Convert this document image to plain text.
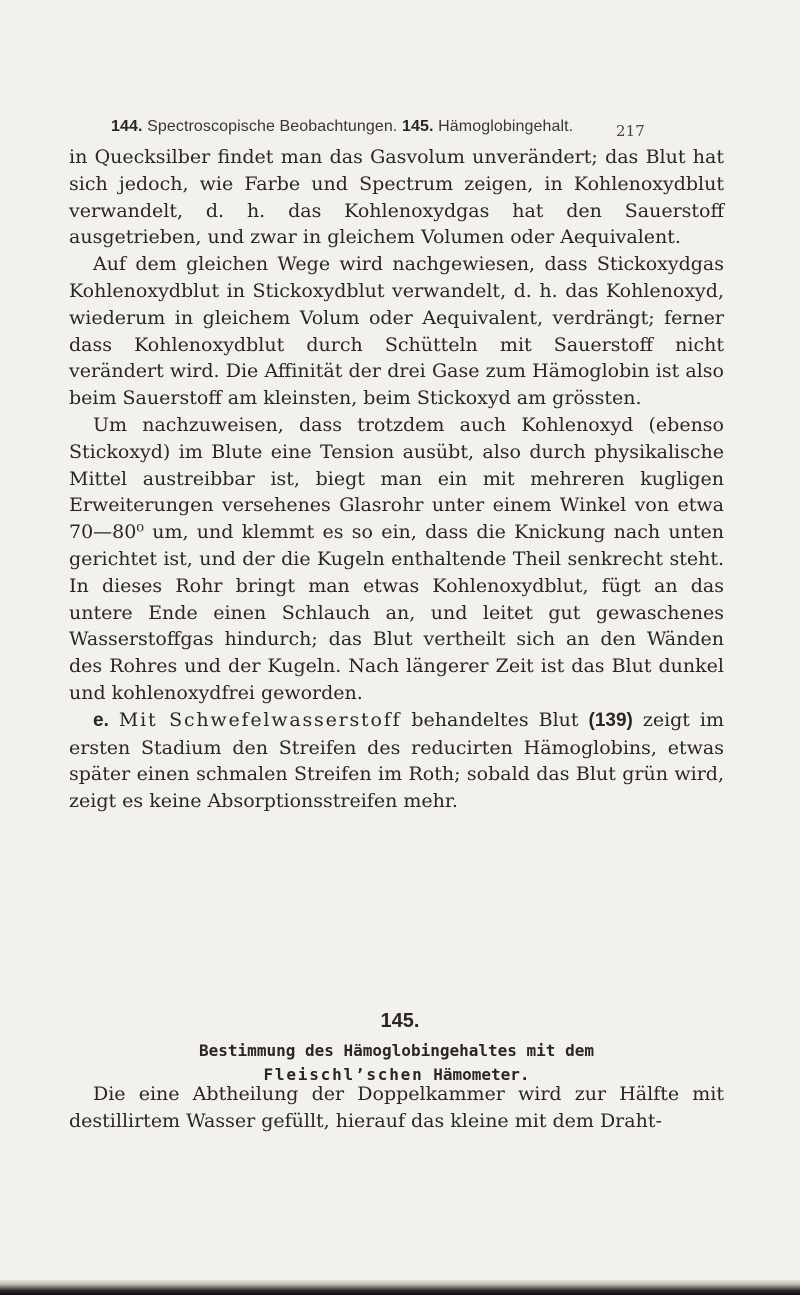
144. Spectroscopische Beobachtungen. 145. Hämoglobingehalt.	217

in Quecksilber findet man das Gasvolum unverändert; das Blut hat sich jedoch, wie Farbe und Spectrum zeigen, in Kohlenoxydblut verwandelt, d. h. das Kohlenoxydgas hat den Sauerstoff ausgetrieben, und zwar in gleichem Volumen oder Aequivalent.

Auf dem gleichen Wege wird nachgewiesen, dass Stickoxydgas Kohlenoxydblut in Stickoxydblut verwandelt, d. h. das Kohlenoxyd, wiederum in gleichem Volum oder Aequivalent, verdrängt; ferner dass Kohlenoxydblut durch Schütteln mit Sauerstoff nicht verändert wird. Die Affinität der drei Gase zum Hämoglobin ist also beim Sauerstoff am kleinsten, beim Stickoxyd am grössten.

Um nachzuweisen, dass trotzdem auch Kohlenoxyd (ebenso Stickoxyd) im Blute eine Tension ausübt, also durch physikalische Mittel austreibbar ist, biegt man ein mit mehreren kugligen Erweiterungen versehenes Glasrohr unter einem Winkel von etwa 70—80⁰ um, und klemmt es so ein, dass die Knickung nach unten gerichtet ist, und der die Kugeln enthaltende Theil senkrecht steht. In dieses Rohr bringt man etwas Kohlenoxydblut, fügt an das untere Ende einen Schlauch an, und leitet gut gewaschenes Wasserstoffgas hindurch; das Blut vertheilt sich an den Wänden des Rohres und der Kugeln. Nach längerer Zeit ist das Blut dunkel und kohlenoxydfrei geworden.

e. Mit Schwefelwasserstoff behandeltes Blut (139) zeigt im ersten Stadium den Streifen des reducirten Hämoglobins, etwas später einen schmalen Streifen im Roth; sobald das Blut grün wird, zeigt es keine Absorptionsstreifen mehr.

145.
Bestimmung des Hämoglobingehaltes mit dem
Fleischl’schen Hämometer.

Die eine Abtheilung der Doppelkammer wird zur Hälfte mit destillirtem Wasser gefüllt, hierauf das kleine mit dem Draht-
